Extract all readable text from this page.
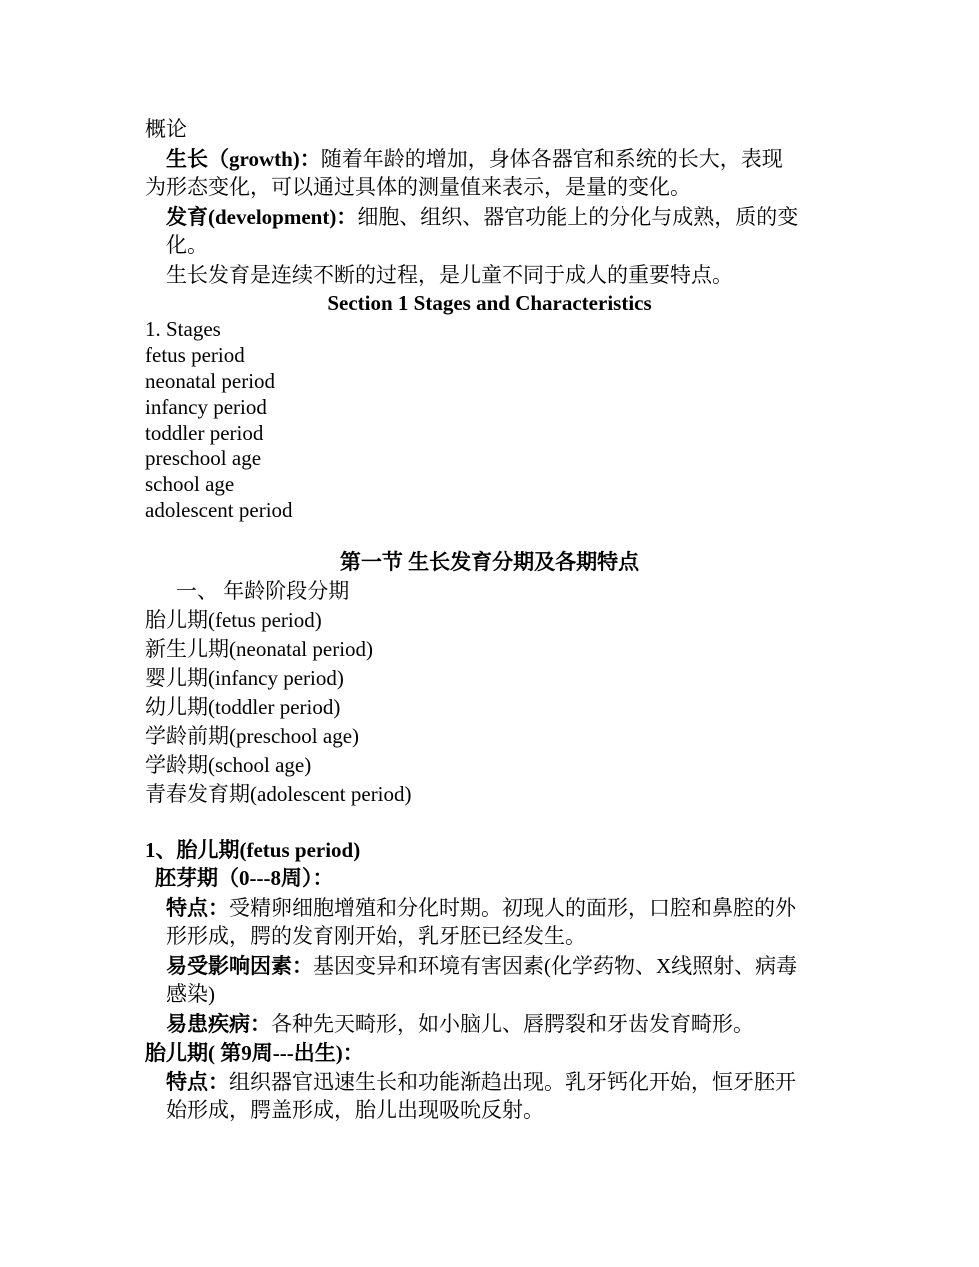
概论
生长（growth)：随着年龄的增加，身体各器官和系统的长大，表现
为形态变化，可以通过具体的测量值来表示，是量的变化。
发育(development)：细胞、组织、器官功能上的分化与成熟，质的变
化。
生长发育是连续不断的过程，是儿童不同于成人的重要特点。
Section 1 Stages and Characteristics
1. Stages
fetus period
neonatal period
infancy period
toddler period
preschool age
school age
adolescent period
第一节 生长发育分期及各期特点
一、 年龄阶段分期
胎儿期(fetus period)
新生儿期(neonatal period)
婴儿期(infancy period)
幼儿期(toddler period)
学龄前期(preschool age)
学龄期(school age)
青春发育期(adolescent period)
1、胎儿期(fetus period)
胚芽期（0---8周）：
特点：受精卵细胞增殖和分化时期。初现人的面形，口腔和鼻腔的外
形形成，腭的发育刚开始，乳牙胚已经发生。
易受影响因素：基因变异和环境有害因素(化学药物、X线照射、病毒
感染)
易患疾病：各种先天畸形，如小脑儿、唇腭裂和牙齿发育畸形。
胎儿期( 第9周---出生)：
特点：组织器官迅速生长和功能渐趋出现。乳牙钙化开始，恒牙胚开
始形成，腭盖形成，胎儿出现吸吮反射。
